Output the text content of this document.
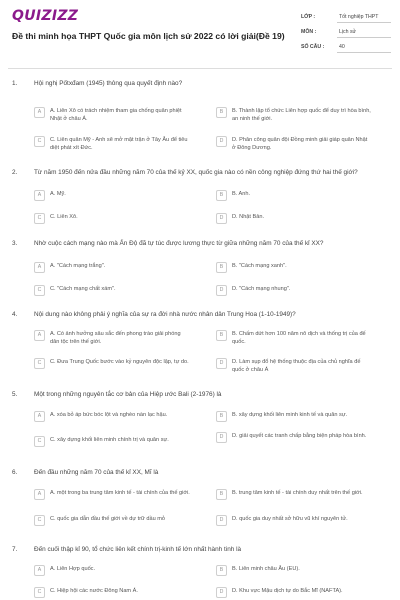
QUIZIZZ
Đề thi minh họa THPT Quốc gia môn lịch sử 2022 có lời giải(Đề 19)
LỚP :	Tốt nghiệp THPT
MÔN :	Lịch sử
SỐ CÂU :	40
1.	Hội nghị Pốtxđam (1945) thông qua quyết định nào?
A	A. Liên Xô có trách nhiệm tham gia chống quân phiệt Nhật ở châu Á.
B	B. Thành lập tổ chức Liên hợp quốc để duy trì hòa bình, an ninh thế giới.
C	C. Liên quân Mỹ - Anh sẽ mở mặt trận ở Tây Âu để tiêu diệt phát xít Đức.
D	D. Phân công quân đội Đồng minh giải giáp quân Nhật ở Đông Dương.
2.	Từ năm 1950 đến nửa đầu những năm 70 của thế kỷ XX, quốc gia nào có nền công nghiệp đứng thứ hai thế giới?
A	A. Mỹ.	B	B. Anh.
C	C. Liên Xô.	D	D. Nhật Bản.
3.	Nhờ cuộc cách mạng nào mà Ấn Độ đã tự túc được lương thực từ giữa những năm 70 của thế kỉ XX?
A	A. "Cách mạng trắng".	B	B. "Cách mạng xanh".
C	C. "Cách mạng chất xám".	D	D. "Cách mạng nhung".
4.	Nội dung nào không phải ý nghĩa của sự ra đời nhà nước nhân dân Trung Hoa (1-10-1949)?
A	A. Có ảnh hưởng sâu sắc đến phong trào giải phóng dân tộc trên thế giới.
B	B. Chấm dứt hơn 100 năm nô dịch và thống trị của đế quốc.
C	C. Đưa Trung Quốc bước vào kỷ nguyên độc lập, tự do.	D	D. Làm sụp đổ hệ thống thuộc địa của chủ nghĩa đế quốc ở châu Á
5.	Một trong những nguyên tắc cơ bản của Hiệp ước Bali (2-1976) là
A	A. xóa bỏ áp bức bóc lột và nghèo nàn lạc hậu.	B	B. xây dựng khối liên minh kinh tế và quân sự.
C	C. xây dựng khối liên minh chính trị và quân sự.	D	D. giải quyết các tranh chấp bằng biện pháp hòa bình.
6.	Đến đầu những năm 70 của thế kỉ XX, Mĩ là
A	A. một trong ba trung tâm kinh tế - tài chính của thế giới.	B	B. trung tâm kinh tế - tài chính duy nhất trên thế giới.
C	C. quốc gia dẫn đầu thế giới về dự trữ dầu mỏ	D	D. quốc gia duy nhất sở hữu vũ khí nguyên tử.
7.	Đến cuối thập kỉ 90, tổ chức liên kết chính trị-kinh tế lớn nhất hành tinh là
A	A. Liên Hợp quốc.	B	B. Liên minh châu Âu (EU).
C	C. Hiệp hội các nước Đông Nam Á.	D	D. Khu vực Mậu dịch tự do Bắc Mĩ (NAFTA).
